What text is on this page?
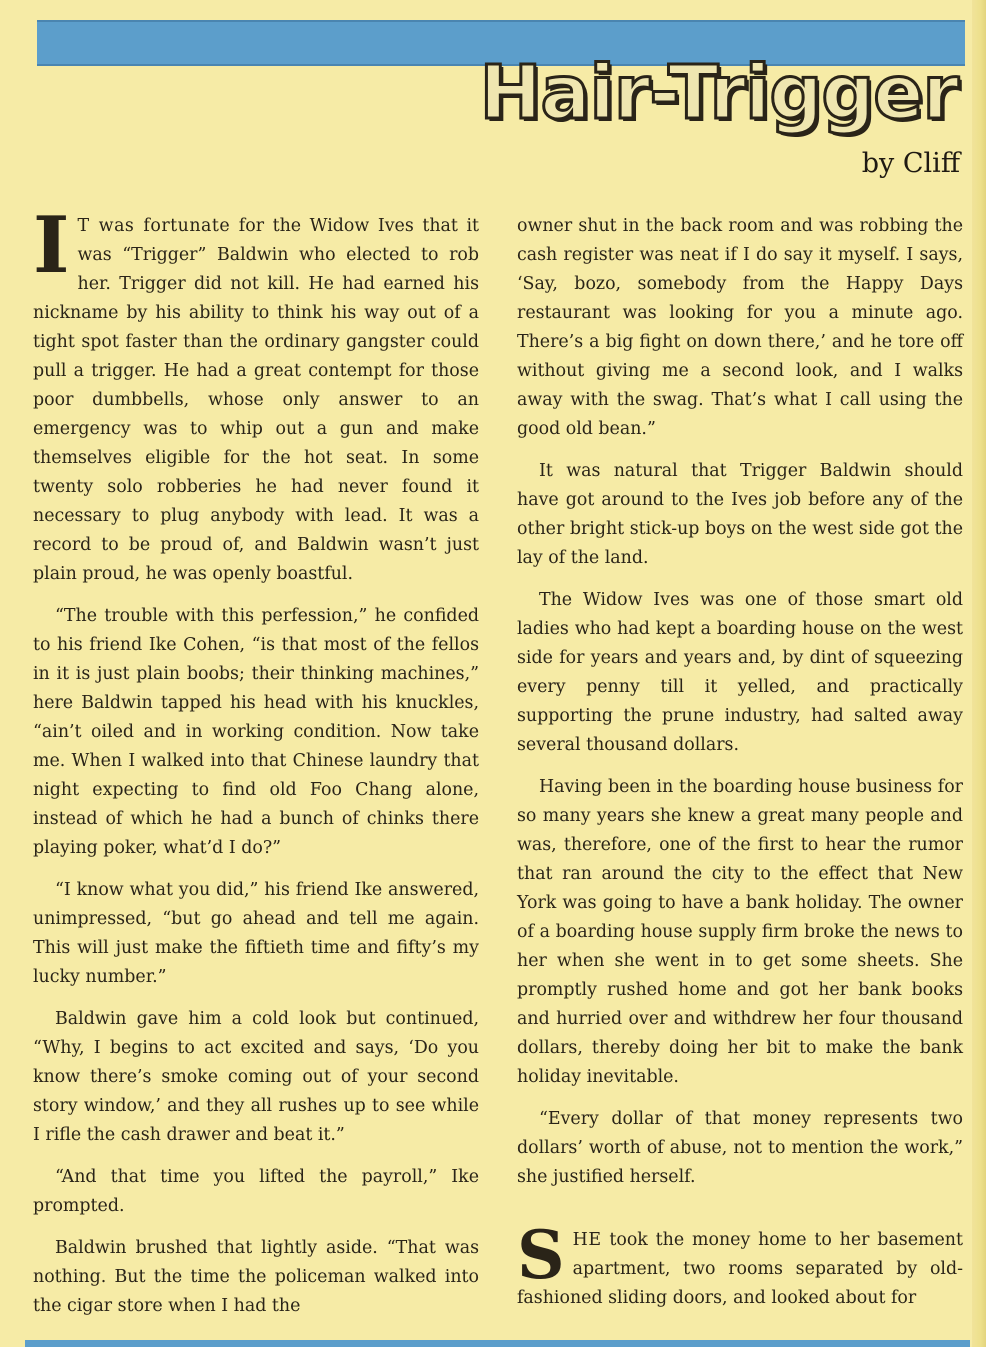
Hair-Trigger
by Cliff

I T was fortunate for the Widow Ives that it was “Trigger” Baldwin who elected to rob her. Trigger did not kill. He had earned his nickname by his ability to think his way out of a tight spot faster than the ordinary gangster could pull a trigger. He had a great contempt for those poor dumbbells, whose only answer to an emergency was to whip out a gun and make themselves eligible for the hot seat. In some twenty solo robberies he had never found it necessary to plug anybody with lead. It was a record to be proud of, and Baldwin wasn’t just plain proud, he was openly boastful.

“The trouble with this perfession,” he confided to his friend Ike Cohen, “is that most of the fellos in it is just plain boobs; their thinking machines,” here Baldwin tapped his head with his knuckles, “ain’t oiled and in working condition. Now take me. When I walked into that Chinese laundry that night expecting to find old Foo Chang alone, instead of which he had a bunch of chinks there playing poker, what’d I do?”

“I know what you did,” his friend Ike answered, unimpressed, “but go ahead and tell me again. This will just make the fiftieth time and fifty’s my lucky number.”

Baldwin gave him a cold look but continued, “Why, I begins to act excited and says, ‘Do you know there’s smoke coming out of your second story window,’ and they all rushes up to see while I rifle the cash drawer and beat it.”

“And that time you lifted the payroll,” Ike prompted.

Baldwin brushed that lightly aside. “That was nothing. But the time the policeman walked into the cigar store when I had the

owner shut in the back room and was robbing the cash register was neat if I do say it myself. I says, ‘Say, bozo, somebody from the Happy Days restaurant was looking for you a minute ago. There’s a big fight on down there,’ and he tore off without giving me a second look, and I walks away with the swag. That’s what I call using the good old bean.”

It was natural that Trigger Baldwin should have got around to the Ives job before any of the other bright stick-up boys on the west side got the lay of the land.

The Widow Ives was one of those smart old ladies who had kept a boarding house on the west side for years and years and, by dint of squeezing every penny till it yelled, and practically supporting the prune industry, had salted away several thousand dollars.

Having been in the boarding house business for so many years she knew a great many people and was, therefore, one of the first to hear the rumor that ran around the city to the effect that New York was going to have a bank holiday. The owner of a boarding house supply firm broke the news to her when she went in to get some sheets. She promptly rushed home and got her bank books and hurried over and withdrew her four thousand dollars, thereby doing her bit to make the bank holiday inevitable.

“Every dollar of that money represents two dollars’ worth of abuse, not to mention the work,” she justified herself.

SHE took the money home to her basement apartment, two rooms separated by old-fashioned sliding doors, and looked about for
